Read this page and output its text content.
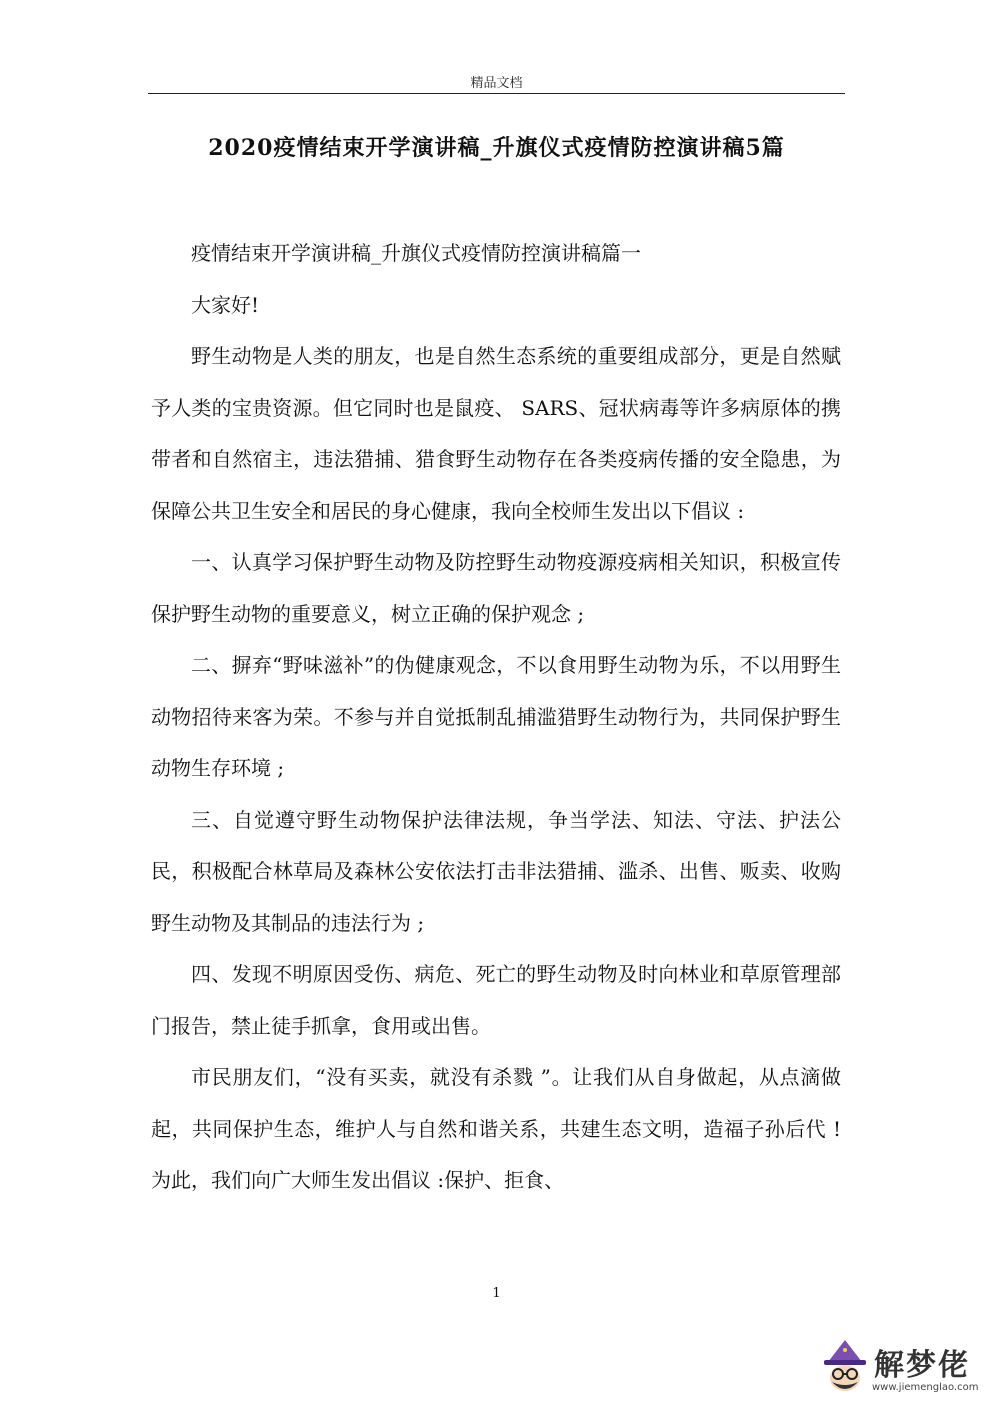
精品文档
2020疫情结束开学演讲稿_升旗仪式疫情防控演讲稿5篇

疫情结束开学演讲稿_升旗仪式疫情防控演讲稿篇一

大家好!

野生动物是人类的朋友，也是自然生态系统的重要组成部分，更是自然赋予人类的宝贵资源。但它同时也是鼠疫、 SARS、冠状病毒等许多病原体的携带者和自然宿主，违法猎捕、猎食野生动物存在各类疫病传播的安全隐患，为保障公共卫生安全和居民的身心健康，我向全校师生发出以下倡议 :

一、认真学习保护野生动物及防控野生动物疫源疫病相关知识，积极宣传保护野生动物的重要意义，树立正确的保护观念 ;

二、摒弃“野味滋补”的伪健康观念，不以食用野生动物为乐，不以用野生动物招待来客为荣。不参与并自觉抵制乱捕滥猎野生动物行为，共同保护野生动物生存环境 ;

三、自觉遵守野生动物保护法律法规，争当学法、知法、守法、护法公民，积极配合林草局及森林公安依法打击非法猎捕、滥杀、出售、贩卖、收购野生动物及其制品的违法行为 ;

四、发现不明原因受伤、病危、死亡的野生动物及时向林业和草原管理部门报告，禁止徒手抓拿，食用或出售。

市民朋友们，“没有买卖，就没有杀戮 ”。让我们从自身做起，从点滴做起，共同保护生态，维护人与自然和谐关系，共建生态文明，造福子孙后代 !为此，我们向广大师生发出倡议 :保护、拒食、

1
解梦佬
www.jiemenglao.com
